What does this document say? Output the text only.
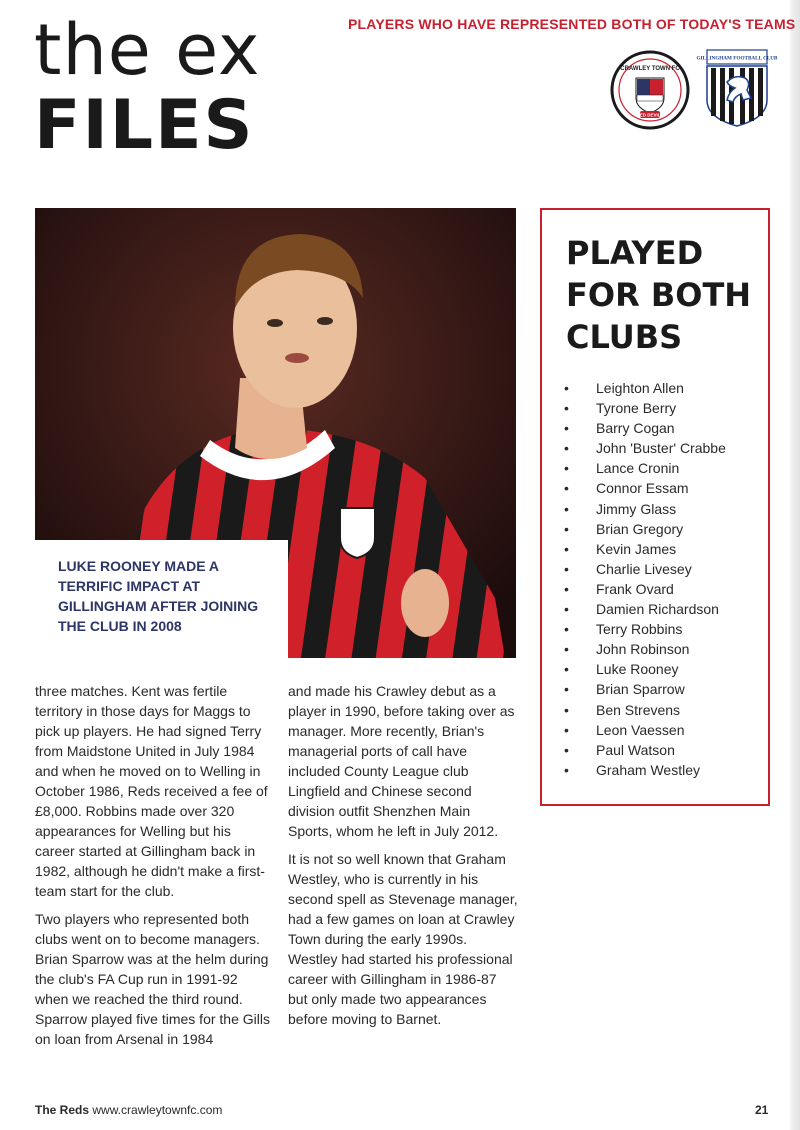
PLAYERS WHO HAVE REPRESENTED BOTH OF TODAY'S TEAMS
the ex
FILES
CRAWLEY TOWN FC
RED DEVILS
GILLINGHAM FOOTBALL CLUB
LUKE ROONEY MADE A TERRIFIC IMPACT AT GILLINGHAM AFTER JOINING THE CLUB IN 2008

three matches. Kent was fertile territory in those days for Maggs to pick up players. He had signed Terry from Maidstone United in July 1984 and when he moved on to Welling in October 1986, Reds received a fee of £8,000. Robbins made over 320 appearances for Welling but his career started at Gillingham back in 1982, although he didn't make a first-team start for the club.

Two players who represented both clubs went on to become managers. Brian Sparrow was at the helm during the club's FA Cup run in 1991-92 when we reached the third round. Sparrow played five times for the Gills on loan from Arsenal in 1984

and made his Crawley debut as a player in 1990, before taking over as manager. More recently, Brian's managerial ports of call have included County League club Lingfield and Chinese second division outfit Shenzhen Main Sports, whom he left in July 2012.

It is not so well known that Graham Westley, who is currently in his second spell as Stevenage manager, had a few games on loan at Crawley Town during the early 1990s. Westley had started his professional career with Gillingham in 1986-87 but only made two appearances before moving to Barnet.

PLAYED FOR BOTH CLUBS
• Leighton Allen
• Tyrone Berry
• Barry Cogan
• John 'Buster' Crabbe
• Lance Cronin
• Connor Essam
• Jimmy Glass
• Brian Gregory
• Kevin James
• Charlie Livesey
• Frank Ovard
• Damien Richardson
• Terry Robbins
• John Robinson
• Luke Rooney
• Brian Sparrow
• Ben Strevens
• Leon Vaessen
• Paul Watson
• Graham Westley
The Reds www.crawleytownfc.com	21
